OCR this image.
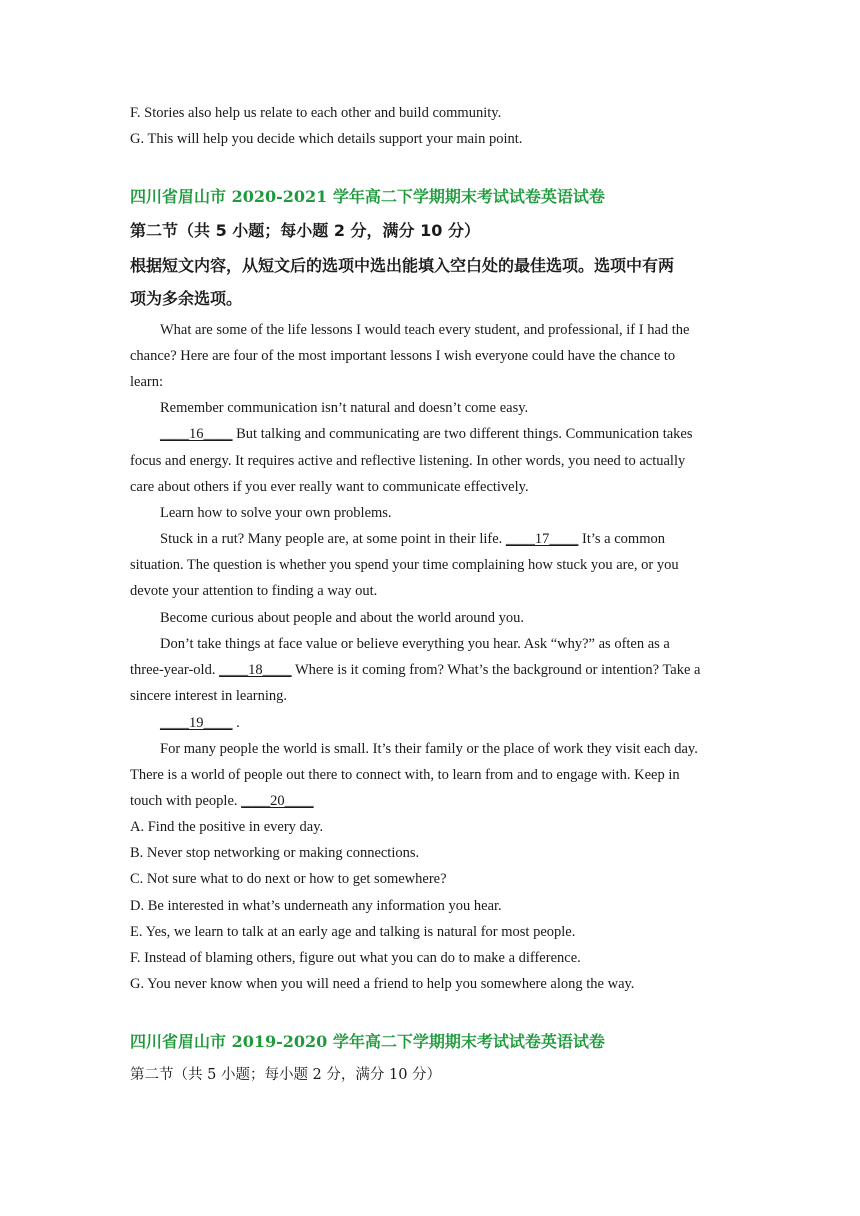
F. Stories also help us relate to each other and build community.
G. This will help you decide which details support your main point.
四川省眉山市 2020-2021 学年高二下学期期末考试试卷英语试卷
第二节（共 5 小题；每小题 2 分，满分 10 分）
根据短文内容，从短文后的选项中选出能填入空白处的最佳选项。选项中有两
项为多余选项。
What are some of the life lessons I would teach every student, and professional, if I had the
chance? Here are four of the most important lessons I wish everyone could have the chance to
learn:
Remember communication isn’t natural and doesn’t come easy.
____16____ But talking and communicating are two different things. Communication takes
focus and energy. It requires active and reflective listening. In other words, you need to actually
care about others if you ever really want to communicate effectively.
Learn how to solve your own problems.
Stuck in a rut? Many people are, at some point in their life. ____17____ It’s a common
situation. The question is whether you spend your time complaining how stuck you are, or you
devote your attention to finding a way out.
Become curious about people and about the world around you.
Don’t take things at face value or believe everything you hear. Ask “why?” as often as a
three-year-old. ____18____ Where is it coming from? What’s the background or intention? Take a
sincere interest in learning.
____19____ .
For many people the world is small. It’s their family or the place of work they visit each day.
There is a world of people out there to connect with, to learn from and to engage with. Keep in
touch with people. ____20____
A. Find the positive in every day.
B. Never stop networking or making connections.
C. Not sure what to do next or how to get somewhere?
D. Be interested in what’s underneath any information you hear.
E. Yes, we learn to talk at an early age and talking is natural for most people.
F. Instead of blaming others, figure out what you can do to make a difference.
G. You never know when you will need a friend to help you somewhere along the way.
四川省眉山市 2019-2020 学年高二下学期期末考试试卷英语试卷
第二节（共 5 小题；每小题 2 分，满分 10 分）
